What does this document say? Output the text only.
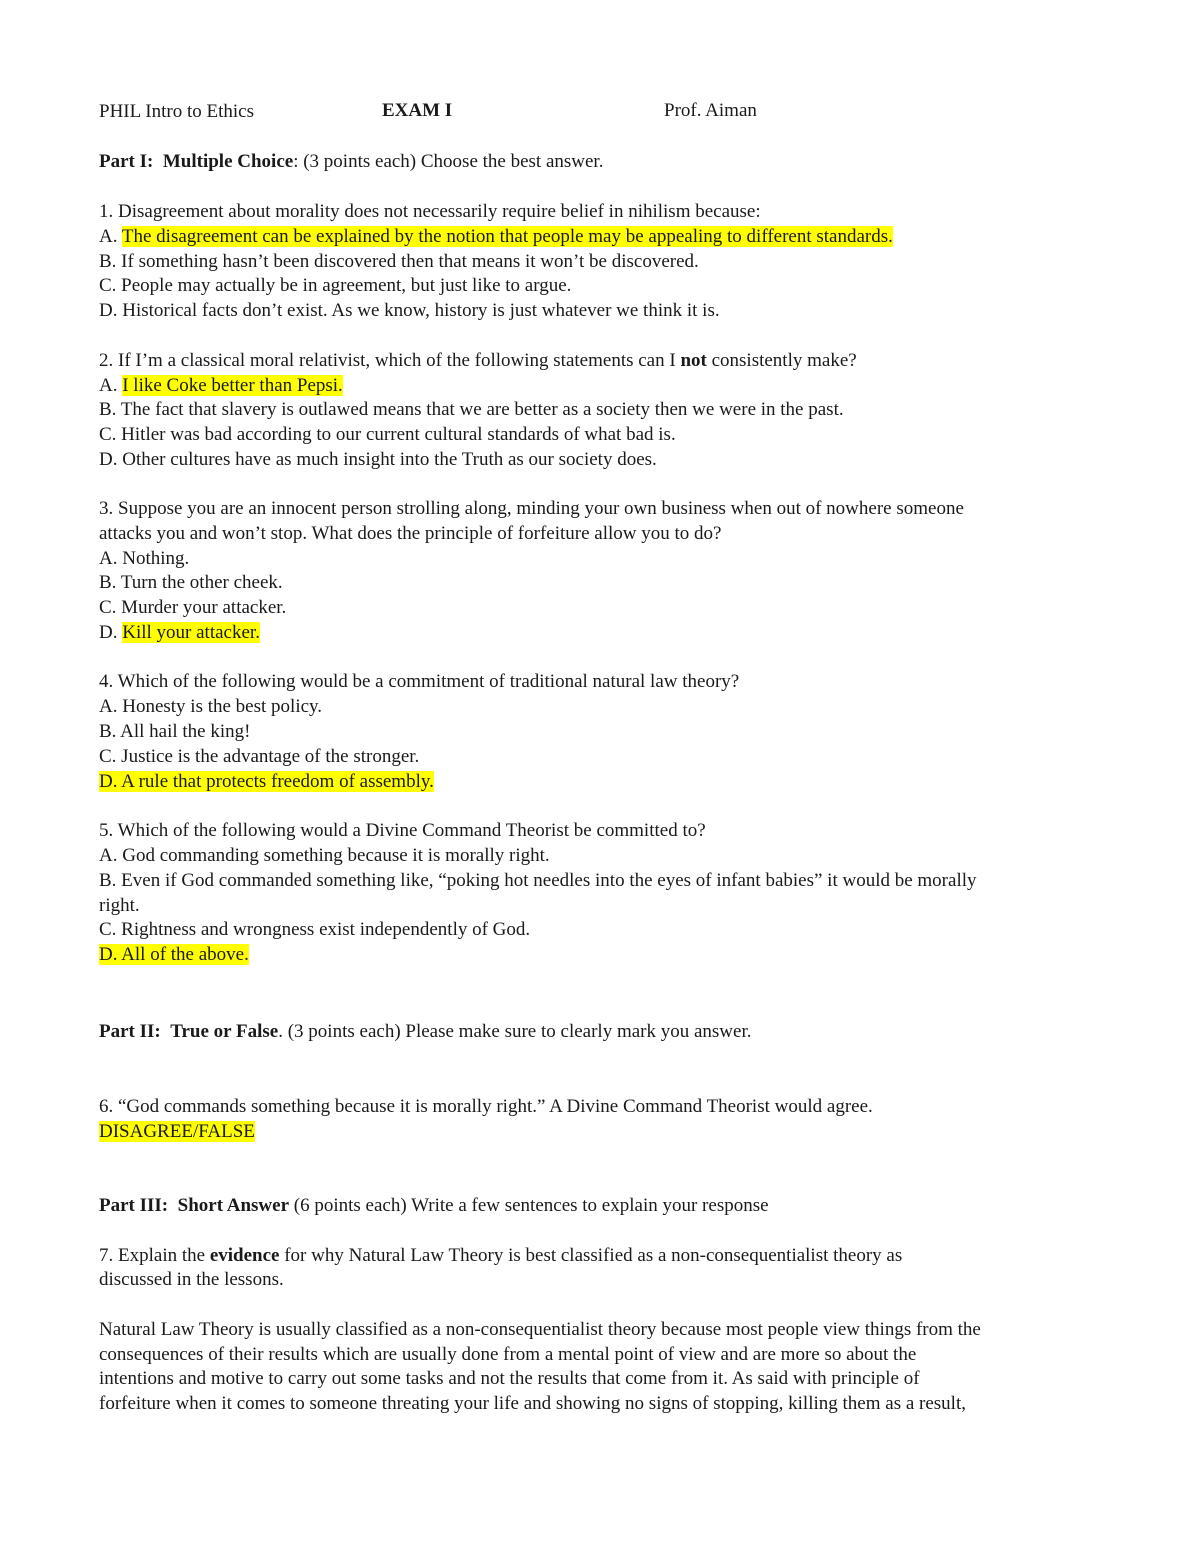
PHIL Intro to Ethics	EXAM I	Prof. Aiman
Part I: Multiple Choice: (3 points each) Choose the best answer.
1. Disagreement about morality does not necessarily require belief in nihilism because:
A. The disagreement can be explained by the notion that people may be appealing to different standards.
B. If something hasn’t been discovered then that means it won’t be discovered.
C. People may actually be in agreement, but just like to argue.
D. Historical facts don’t exist. As we know, history is just whatever we think it is.
2. If I’m a classical moral relativist, which of the following statements can I not consistently make?
A. I like Coke better than Pepsi.
B. The fact that slavery is outlawed means that we are better as a society then we were in the past.
C. Hitler was bad according to our current cultural standards of what bad is.
D. Other cultures have as much insight into the Truth as our society does.
3. Suppose you are an innocent person strolling along, minding your own business when out of nowhere someone
attacks you and won’t stop. What does the principle of forfeiture allow you to do?
A. Nothing.
B. Turn the other cheek.
C. Murder your attacker.
D. Kill your attacker.
4. Which of the following would be a commitment of traditional natural law theory?
A. Honesty is the best policy.
B. All hail the king!
C. Justice is the advantage of the stronger.
D. A rule that protects freedom of assembly.
5. Which of the following would a Divine Command Theorist be committed to?
A. God commanding something because it is morally right.
B. Even if God commanded something like, “poking hot needles into the eyes of infant babies” it would be morally
right.
C. Rightness and wrongness exist independently of God.
D. All of the above.
Part II: True or False. (3 points each) Please make sure to clearly mark you answer.
6. “God commands something because it is morally right.” A Divine Command Theorist would agree.
DISAGREE/FALSE
Part III: Short Answer (6 points each) Write a few sentences to explain your response
7. Explain the evidence for why Natural Law Theory is best classified as a non-consequentialist theory as
discussed in the lessons.
Natural Law Theory is usually classified as a non-consequentialist theory because most people view things from the
consequences of their results which are usually done from a mental point of view and are more so about the
intentions and motive to carry out some tasks and not the results that come from it. As said with principle of
forfeiture when it comes to someone threating your life and showing no signs of stopping, killing them as a result,
